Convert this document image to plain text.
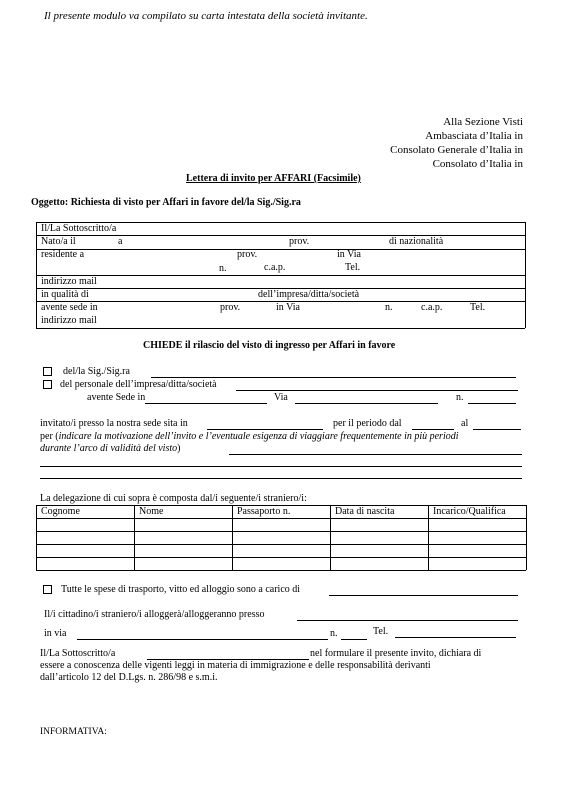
Il presente modulo va compilato su carta intestata della società invitante.
Alla Sezione Visti
Ambasciata d’Italia in
Consolato Generale d’Italia in
Consolato d’Italia in
Lettera di invito per AFFARI (Facsimile)
Oggetto: Richiesta di visto per Affari in favore del/la Sig./Sig.ra
Il/La Sottoscritto/a
Nato/a il	a	prov.	di nazionalità
residente a	prov.	in Via
n.	c.a.p.	Tel.
indirizzo mail
in qualità di	dell’impresa/ditta/società
avente sede in	prov.	in Via	n.	c.a.p.	Tel.
indirizzo mail
CHIEDE il rilascio del visto di ingresso per Affari in favore
del/la Sig./Sig.ra
del personale dell’impresa/ditta/società
avente Sede in	Via	n.
invitato/i presso la nostra sede sita in	per il periodo dal	al
per (indicare la motivazione dell’invito e l’eventuale esigenza di viaggiare frequentemente in più periodi
durante l’arco di validità del visto)
La delegazione di cui sopra è composta dal/i seguente/i straniero/i:
Cognome	Nome	Passaporto n.	Data di nascita	Incarico/Qualifica
Tutte le spese di trasporto, vitto ed alloggio sono a carico di
Il/i cittadino/i straniero/i alloggerà/alloggeranno presso
in via	n.	Tel.
Il/La Sottoscritto/a	nel formulare il presente invito, dichiara di
essere a conoscenza delle vigenti leggi in materia di immigrazione e delle responsabilità derivanti
dall’articolo 12 del D.Lgs. n. 286/98 e s.m.i.
INFORMATIVA:
